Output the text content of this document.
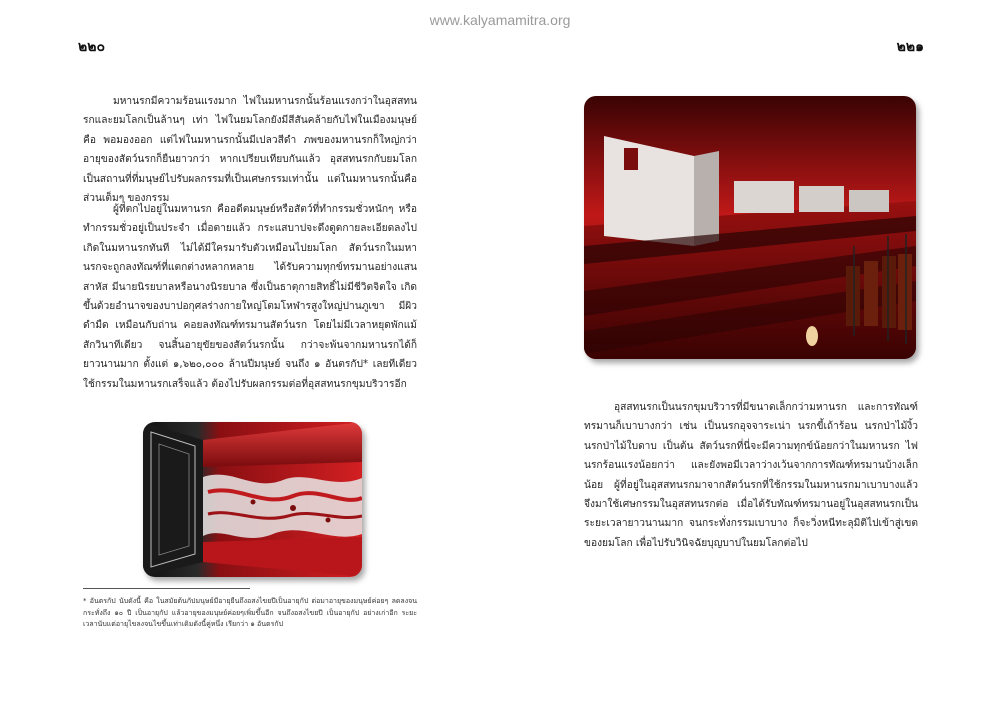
www.kalyamamitra.org
๒๒๐	๒๒๑

มหานรกมีความร้อนแรงมาก ไฟในมหานรกนั้นร้อนแรงกว่าในอุสสทนรกและยมโลกเป็นล้านๆ เท่า ไฟในยมโลกยังมีสีสันคล้ายกับไฟในเมืองมนุษย์ คือ พอมองออก แต่ไฟในมหานรกนั้นมีเปลวสีดำ ภพของมหานรกก็ใหญ่กว่า อายุของสัตว์นรกก็ยืนยาวกว่า หากเปรียบเทียบกันแล้ว อุสสทนรกกับยมโลกเป็นสถานที่ที่มนุษย์ไปรับผลกรรมที่เป็นเศษกรรมเท่านั้น แต่ในมหานรกนั้นคือ ส่วนเต็มๆ ของกรรม

ผู้ที่ตกไปอยู่ในมหานรก คืออดีตมนุษย์หรือสัตว์ที่ทำกรรมชั่วหนักๆ หรือทำกรรมชั่วอยู่เป็นประจำ เมื่อตายแล้ว กระแสบาปจะดึงดูดกายละเอียดลงไปเกิดในมหานรกทันที ไม่ได้มีใครมารับตัวเหมือนไปยมโลก สัตว์นรกในมหานรกจะถูกลงทัณฑ์ที่แตกต่างหลากหลาย ได้รับความทุกข์ทรมานอย่างแสนสาหัส มีนายนิรยบาลหรือนางนิรยบาล ซึ่งเป็นธาตุกายสิทธิ์ไม่มีชีวิตจิตใจ เกิดขึ้นด้วยอำนาจของบาปอกุศลร่างกายใหญ่โตมโหฬารสูงใหญ่ปานภูเขา มีผิวดำมืด เหมือนกับถ่าน คอยลงทัณฑ์ทรมานสัตว์นรก โดยไม่มีเวลาหยุดพักแม้สักวินาทีเดียว จนสิ้นอายุขัยของสัตว์นรกนั้น กว่าจะพ้นจากมหานรกได้ก็ยาวนานมาก ตั้งแต่ ๑,๖๒๐,๐๐๐ ล้านปีมนุษย์ จนถึง ๑ อันตรกัป* เลยทีเดียว ใช้กรรมในมหานรกเสร็จแล้ว ต้องไปรับผลกรรมต่อที่อุสสทนรกขุมบริวารอีก

* อันตรกัป นับดังนี้ คือ ในสมัยต้นกัปมนุษย์มีอายุยืนถึงอสงไขยปีเป็นอายุกัป ต่อมาอายุของมนุษย์ค่อยๆ ลดลงจนกระทั่งถึง ๑๐ ปี เป็นอายุกัป แล้วอายุของมนุษย์ค่อยๆเพิ่มขึ้นอีก จนถึงอสงไขยปี เป็นอายุกัป อย่างเก่าอีก ระยะเวลานับแต่อายุไขลงจนไขขึ้นเท่าเดิมดังนี้คู่หนึ่ง เรียกว่า ๑ อันตรกัป

อุสสทนรกเป็นนรกขุมบริวารที่มีขนาดเล็กกว่ามหานรก และการทัณฑ์ทรมานก็เบาบางกว่า เช่น เป็นนรกอุจจาระเน่า นรกขี้เถ้าร้อน นรกป่าไม้งิ้ว นรกป่าไม้ใบดาบ เป็นต้น สัตว์นรกที่นี่จะมีความทุกข์น้อยกว่าในมหานรก ไฟนรกร้อนแรงน้อยกว่า และยังพอมีเวลาว่างเว้นจากการทัณฑ์ทรมานบ้างเล็กน้อย ผู้ที่อยู่ในอุสสทนรกมาจากสัตว์นรกที่ใช้กรรมในมหานรกมาเบาบางแล้ว จึงมาใช้เศษกรรมในอุสสทนรกต่อ เมื่อได้รับทัณฑ์ทรมานอยู่ในอุสสทนรกเป็นระยะเวลายาวนานมาก จนกระทั่งกรรมเบาบาง ก็จะวิ่งหนีทะลุมิติไปเข้าสู่เขตของยมโลก เพื่อไปรับวินิจฉัยบุญบาปในยมโลกต่อไป
